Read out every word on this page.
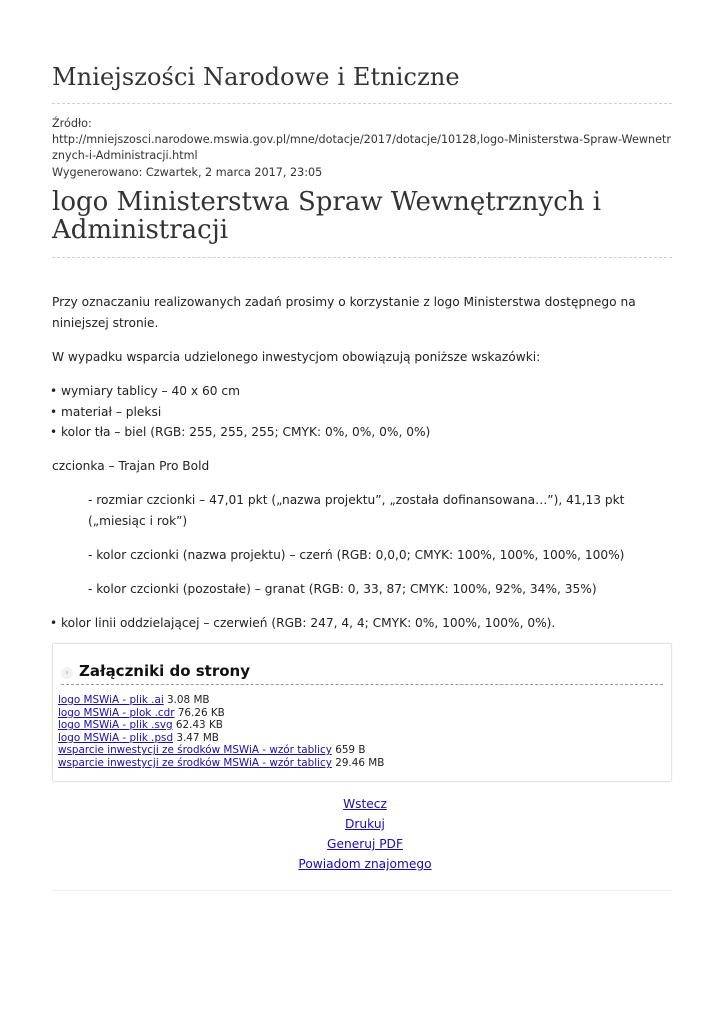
Mniejszości Narodowe i Etniczne
Źródło:
http://mniejszosci.narodowe.mswia.gov.pl/mne/dotacje/2017/dotacje/10128,logo-Ministerstwa-Spraw-Wewnetrznych-i-Administracji.html
Wygenerowano: Czwartek, 2 marca 2017, 23:05
logo Ministerstwa Spraw Wewnętrznych i Administracji

Przy oznaczaniu realizowanych zadań prosimy o korzystanie z logo Ministerstwa dostępnego na niniejszej stronie.

W wypadku wsparcia udzielonego inwestycjom obowiązują poniższe wskazówki:

• wymiary tablicy – 40 x 60 cm
• materiał – pleksi
• kolor tła – biel (RGB: 255, 255, 255; CMYK: 0%, 0%, 0%, 0%)

czcionka – Trajan Pro Bold

- rozmiar czcionki – 47,01 pkt („nazwa projektu”, „została dofinansowana…”), 41,13 pkt („miesiąc i rok”)

- kolor czcionki (nazwa projektu) – czerń (RGB: 0,0,0; CMYK: 100%, 100%, 100%, 100%)

- kolor czcionki (pozostałe) – granat (RGB: 0, 33, 87; CMYK: 100%, 92%, 34%, 35%)

• kolor linii oddzielającej – czerwień (RGB: 247, 4, 4; CMYK: 0%, 100%, 100%, 0%).
› Załączniki do strony
logo MSWiA - plik .ai 3.08 MB
logo MSWiA - plok .cdr 76.26 KB
logo MSWiA - plik .svg 62.43 KB
logo MSWiA - plik .psd 3.47 MB
wsparcie inwestycji ze środków MSWiA - wzór tablicy 659 B
wsparcie inwestycji ze środków MSWiA - wzór tablicy 29.46 MB
Wstecz
Drukuj
Generuj PDF
Powiadom znajomego
